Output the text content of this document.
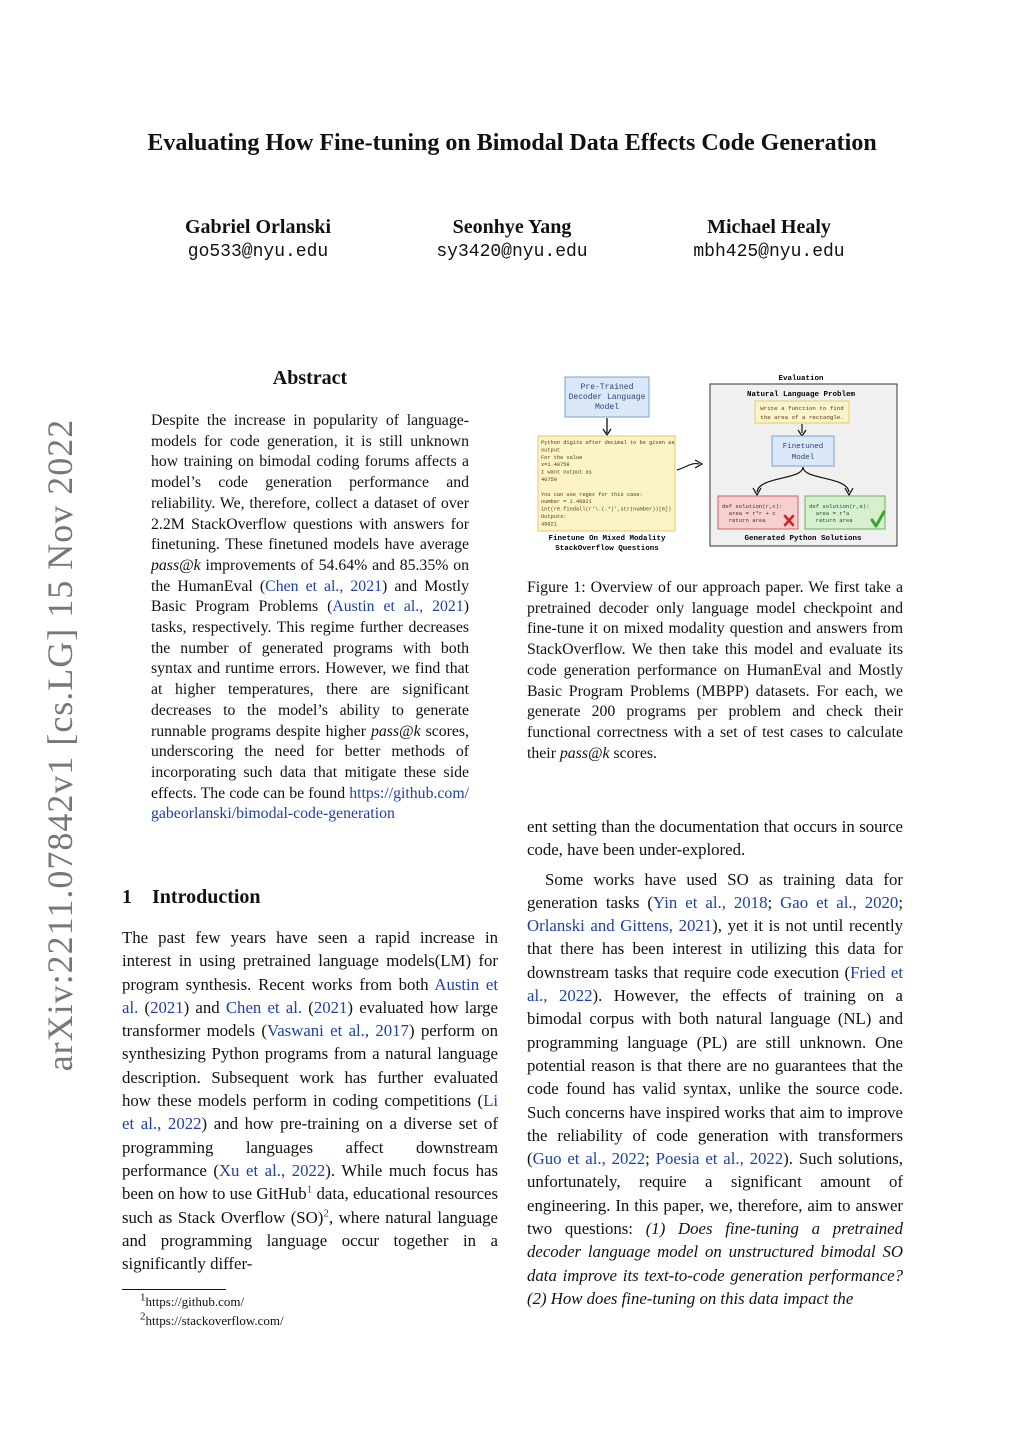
arXiv:2211.07842v1 [cs.LG] 15 Nov 2022
Evaluating How Fine-tuning on Bimodal Data Effects Code Generation
Gabriel Orlanski
go533@nyu.edu
Seonhye Yang
sy3420@nyu.edu
Michael Healy
mbh425@nyu.edu
Abstract
Despite the increase in popularity of language-models for code generation, it is still unknown how training on bimodal coding forums affects a model’s code generation performance and reliability. We, therefore, collect a dataset of over 2.2M StackOverflow questions with answers for finetuning. These finetuned models have average pass@k improvements of 54.64% and 85.35% on the HumanEval (Chen et al., 2021) and Mostly Basic Program Problems (Austin et al., 2021) tasks, respectively. This regime further decreases the number of generated programs with both syntax and runtime errors. However, we find that at higher temperatures, there are significant decreases to the model’s ability to generate runnable programs despite higher pass@k scores, underscoring the need for better methods of incorporating such data that mitigate these side effects. The code can be found https://github.com/gabeorlanski/bimodal-code-generation
1 Introduction
The past few years have seen a rapid increase in interest in using pretrained language models(LM) for program synthesis. Recent works from both Austin et al. (2021) and Chen et al. (2021) evaluated how large transformer models (Vaswani et al., 2017) perform on synthesizing Python programs from a natural language description. Subsequent work has further evaluated how these models perform in coding competitions (Li et al., 2022) and how pre-training on a diverse set of programming languages affect downstream performance (Xu et al., 2022). While much focus has been on how to use GitHub$^1$ data, educational resources such as Stack Overflow (SO)$^2$, where natural language and programming language occur together in a significantly differ-
$^1$https://github.com/
$^2$https://stackoverflow.com/
Pre-Trained
Decoder Language
Model
Python digits after decimal to be given as
output
For the value
x=1.40759
I want output as
40759
You can use regex for this case:
number = 1.49921
int(re.findall(r'\.(.*)',str(number))[0])
Outputs:
49921
Finetune On Mixed Modality
StackOverflow Questions
Evaluation
Natural Language Problem
Write a function to find
the area of a rectangle.
Finetuned
Model
def solution(r,c):
area = r*r + c
return area
def solution(r,a):
area = r*a
return area
Generated Python Solutions
Figure 1: Overview of our approach paper. We first take a pretrained decoder only language model checkpoint and fine-tune it on mixed modality question and answers from StackOverflow. We then take this model and evaluate its code generation performance on HumanEval and Mostly Basic Program Problems (MBPP) datasets. For each, we generate 200 programs per problem and check their functional correctness with a set of test cases to calculate their pass@k scores.

ent setting than the documentation that occurs in source code, have been under-explored.

Some works have used SO as training data for generation tasks (Yin et al., 2018; Gao et al., 2020; Orlanski and Gittens, 2021), yet it is not until recently that there has been interest in utilizing this data for downstream tasks that require code execution (Fried et al., 2022). However, the effects of training on a bimodal corpus with both natural language (NL) and programming language (PL) are still unknown. One potential reason is that there are no guarantees that the code found has valid syntax, unlike the source code. Such concerns have inspired works that aim to improve the reliability of code generation with transformers (Guo et al., 2022; Poesia et al., 2022). Such solutions, unfortunately, require a significant amount of engineering. In this paper, we, therefore, aim to answer two questions: (1) Does fine-tuning a pretrained decoder language model on unstructured bimodal SO data improve its text-to-code generation performance? (2) How does fine-tuning on this data impact the
